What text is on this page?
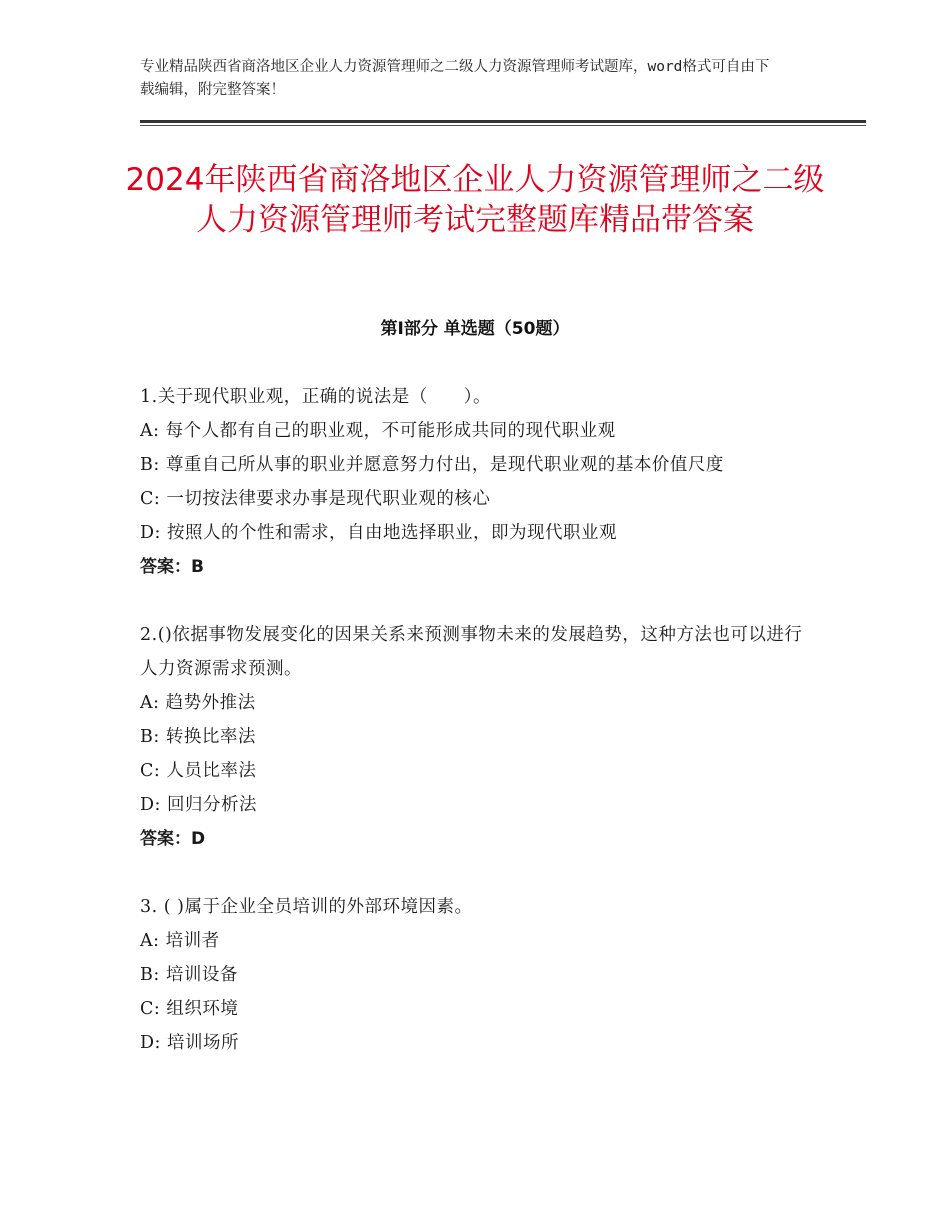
专业精品陕西省商洛地区企业人力资源管理师之二级人力资源管理师考试题库，word格式可自由下载编辑，附完整答案！
2024年陕西省商洛地区企业人力资源管理师之二级人力资源管理师考试完整题库精品带答案
第Ⅰ部分 单选题（50题）

1.关于现代职业观，正确的说法是（　　）。

A: 每个人都有自己的职业观，不可能形成共同的现代职业观

B: 尊重自己所从事的职业并愿意努力付出，是现代职业观的基本价值尺度

C: 一切按法律要求办事是现代职业观的核心

D: 按照人的个性和需求，自由地选择职业，即为现代职业观

答案：B

2.()依据事物发展变化的因果关系来预测事物未来的发展趋势，这种方法也可以进行人力资源需求预测。

A: 趋势外推法

B: 转换比率法

C: 人员比率法

D: 回归分析法

答案：D

3. ( )属于企业全员培训的外部环境因素。

A: 培训者

B: 培训设备

C: 组织环境

D: 培训场所
